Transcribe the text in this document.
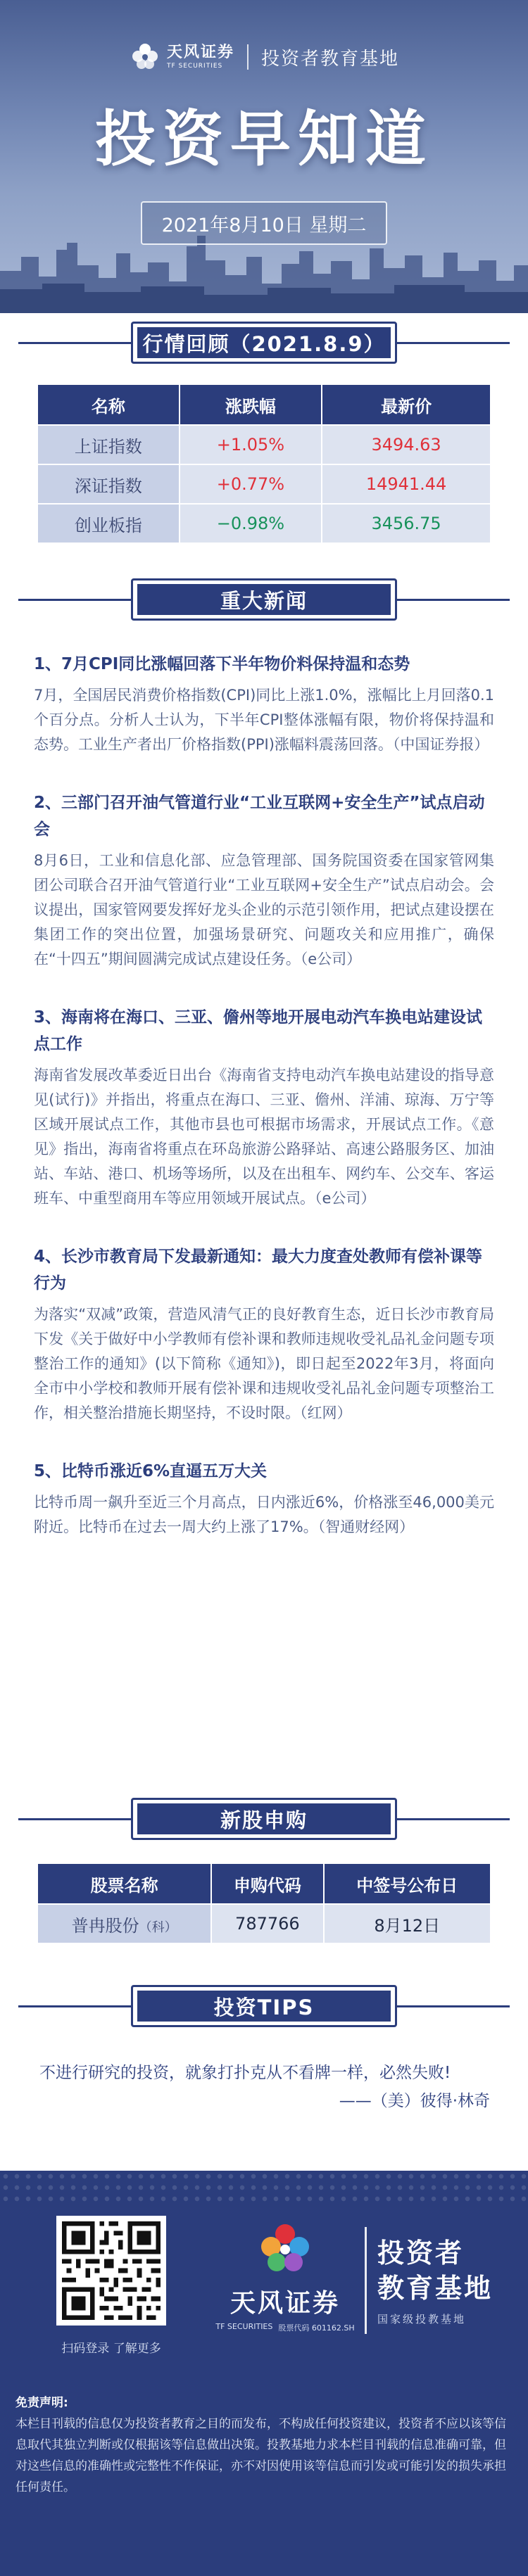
天风证券
TF SECURITIES	投资者教育基地
投资早知道
2021年8月10日 星期二
行情回顾（2021.8.9）
名称	涨跌幅	最新价
上证指数	+1.05%	3494.63
深证指数	+0.77%	14941.44
创业板指	−0.98%	3456.75
重大新闻
1、7月CPI同比涨幅回落下半年物价料保持温和态势
7月，全国居民消费价格指数(CPI)同比上涨1.0%，涨幅比上月回落0.1个百分点。分析人士认为，下半年CPI整体涨幅有限，物价将保持温和态势。工业生产者出厂价格指数(PPI)涨幅料震荡回落。（中国证券报）
2、三部门召开油气管道行业“工业互联网+安全生产”试点启动会
8月6日，工业和信息化部、应急管理部、国务院国资委在国家管网集团公司联合召开油气管道行业“工业互联网+安全生产”试点启动会。会议提出，国家管网要发挥好龙头企业的示范引领作用，把试点建设摆在集团工作的突出位置，加强场景研究、问题攻关和应用推广，确保在“十四五”期间圆满完成试点建设任务。（e公司）
3、海南将在海口、三亚、儋州等地开展电动汽车换电站建设试点工作
海南省发展改革委近日出台《海南省支持电动汽车换电站建设的指导意见(试行)》并指出，将重点在海口、三亚、儋州、洋浦、琼海、万宁等区域开展试点工作，其他市县也可根据市场需求，开展试点工作。《意见》指出，海南省将重点在环岛旅游公路驿站、高速公路服务区、加油站、车站、港口、机场等场所，以及在出租车、网约车、公交车、客运班车、中重型商用车等应用领域开展试点。（e公司）
4、长沙市教育局下发最新通知：最大力度查处教师有偿补课等行为
为落实“双减”政策，营造风清气正的良好教育生态，近日长沙市教育局下发《关于做好中小学教师有偿补课和教师违规收受礼品礼金问题专项整治工作的通知》(以下简称《通知》)，即日起至2022年3月，将面向全市中小学校和教师开展有偿补课和违规收受礼品礼金问题专项整治工作，相关整治措施长期坚持，不设时限。（红网）
5、比特币涨近6%直逼五万大关
比特币周一飙升至近三个月高点，日内涨近6%，价格涨至46,000美元附近。比特币在过去一周大约上涨了17%。（智通财经网）
新股申购
股票名称	申购代码	中签号公布日
普冉股份（科）	787766	8月12日
投资TIPS
不进行研究的投资，就象打扑克从不看牌一样，必然失败!
——（美）彼得·林奇
扫码登录 了解更多
天风证券
TF SECURITIES 股票代码 601162.SH
投资者
教育基地
国家级投教基地
免责声明:
本栏目刊载的信息仅为投资者教育之目的而发布，不构成任何投资建议，投资者不应以该等信息取代其独立判断或仅根据该等信息做出决策。投教基地力求本栏目刊载的信息准确可靠，但对这些信息的准确性或完整性不作保证，亦不对因使用该等信息而引发或可能引发的损失承担任何责任。
